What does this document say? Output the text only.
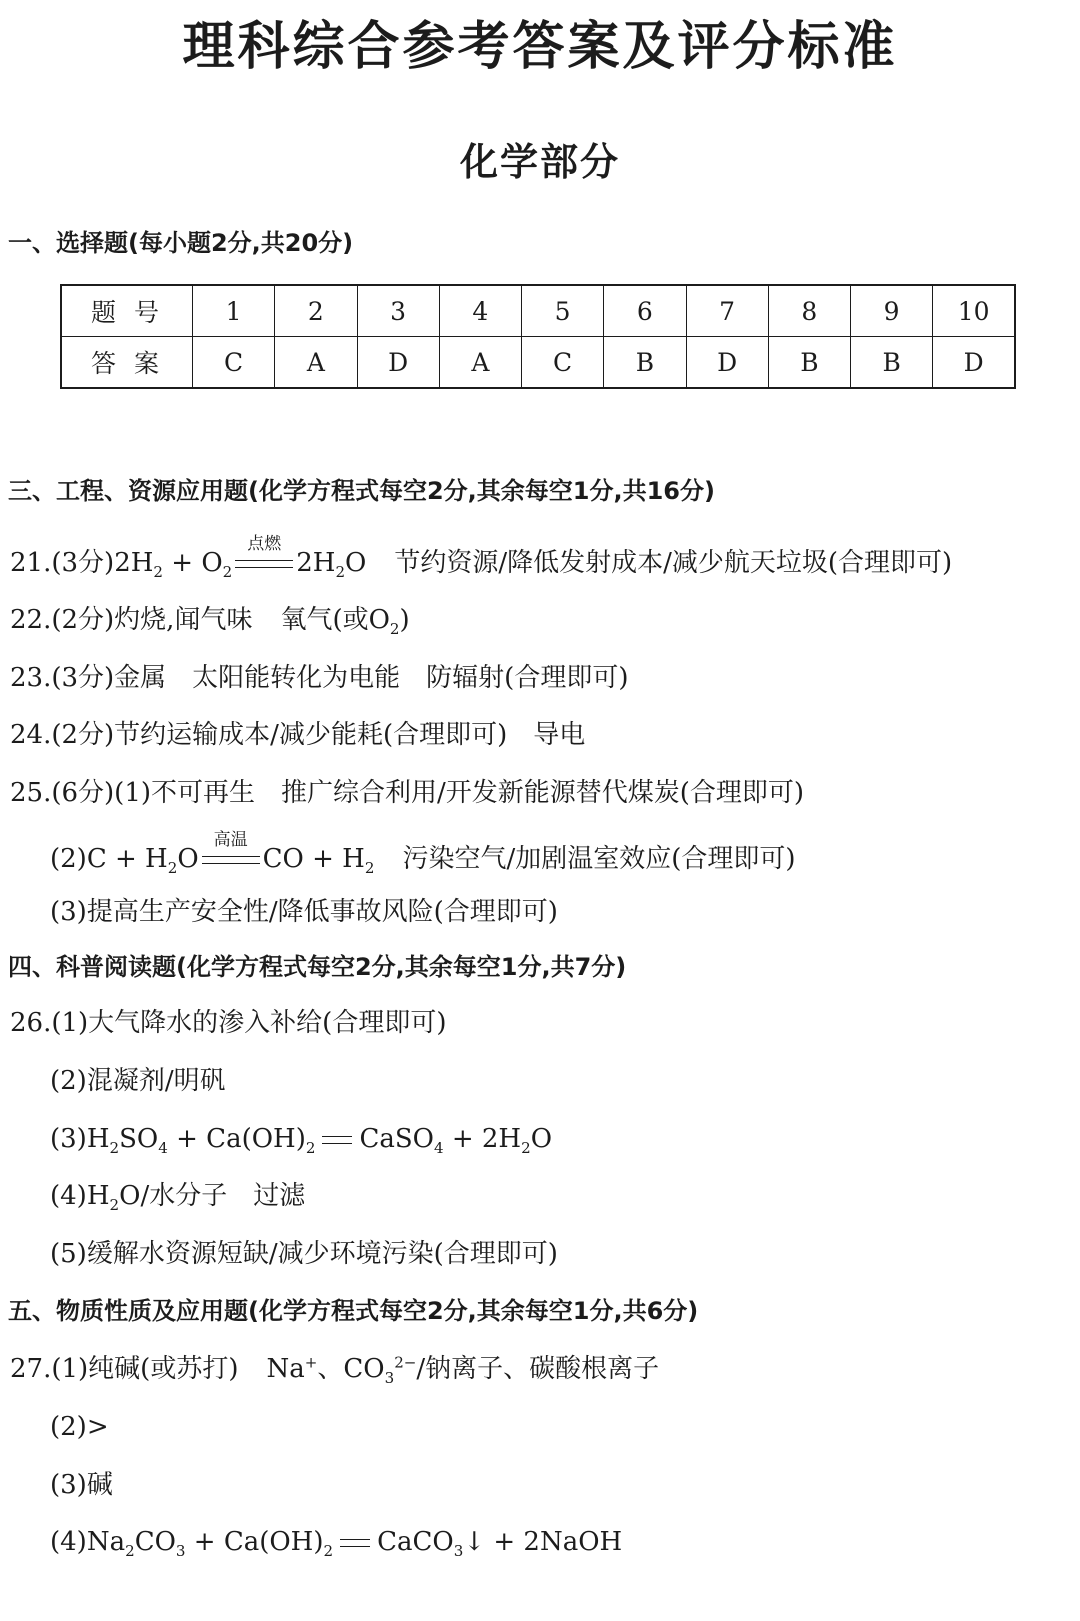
理科综合参考答案及评分标准
化学部分
一、选择题(每小题2分,共20分)
题号	1	2	3	4	5	6	7	8	9	10
答案	C	A	D	A	C	B	D	B	B	D
三、工程、资源应用题(化学方程式每空2分,其余每空1分,共16分)
21.(3分)$2H_2 + O_2$
点燃
$2H_2O$ 节约资源/降低发射成本/减少航天垃圾(合理即可)
22.(2分)灼烧,闻气味 氧气(或$O_2$)
23.(3分)金属　太阳能转化为电能　防辐射(合理即可)
24.(2分)节约运输成本/减少能耗(合理即可)　导电
25.(6分)(1)不可再生　推广综合利用/开发新能源替代煤炭(合理即可)
$(2)C + H_2O$
高温
CO + $H_2$ 污染空气/加剧温室效应(合理即可)
(3)提高生产安全性/降低事故风险(合理即可)
四、科普阅读题(化学方程式每空2分,其余每空1分,共7分)
26.(1)大气降水的渗入补给(合理即可)
(2)混凝剂/明矾
$(3)H_2SO_4 + Ca(OH)_2$ CaSO$_4$ + $2H_2O$
$(4)H_2O/$水分子　过滤
(5)缓解水资源短缺/减少环境污染(合理即可)
五、物质性质及应用题(化学方程式每空2分,其余每空1分,共6分)
27.(1)纯碱(或苏打) Na+、$CO_3^{2-}/$钠离子、碳酸根离子
(2)>
(3)碱
$(4)Na_2CO_3 + Ca(OH)_2$ CaCO$_3$↓ + 2NaOH
